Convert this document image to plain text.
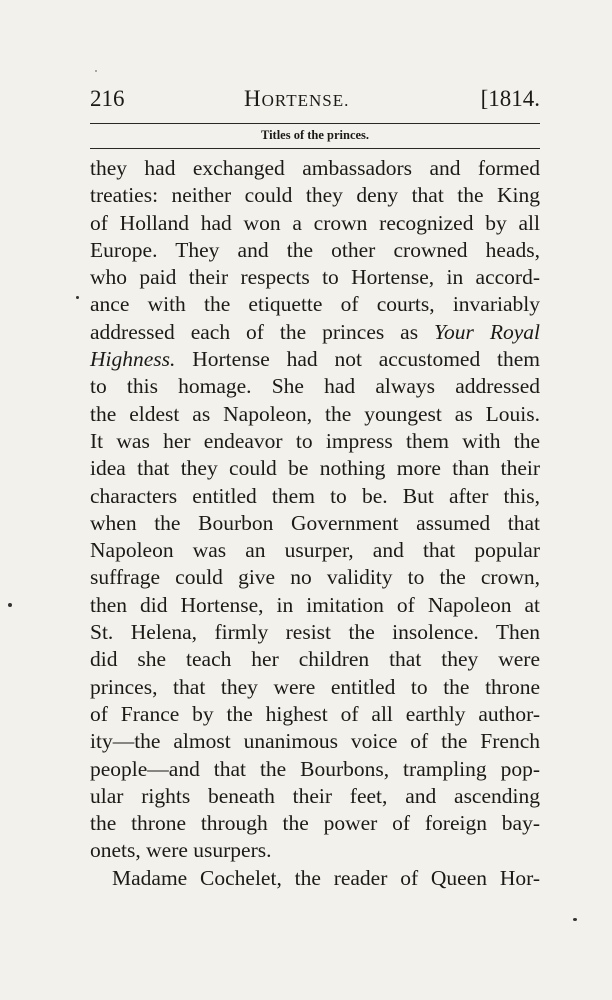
216	HORTENSE.	[1814.
Titles of the princes.
they had exchanged ambassadors and formed
treaties: neither could they deny that the King
of Holland had won a crown recognized by all
Europe. They and the other crowned heads,
who paid their respects to Hortense, in accord-
ance with the etiquette of courts, invariably
addressed each of the princes as Your Royal
Highness. Hortense had not accustomed them
to this homage. She had always addressed
the eldest as Napoleon, the youngest as Louis.
It was her endeavor to impress them with the
idea that they could be nothing more than their
characters entitled them to be. But after this,
when the Bourbon Government assumed that
Napoleon was an usurper, and that popular
suffrage could give no validity to the crown,
then did Hortense, in imitation of Napoleon at
St. Helena, firmly resist the insolence. Then
did she teach her children that they were
princes, that they were entitled to the throne
of France by the highest of all earthly author-
ity—the almost unanimous voice of the French
people—and that the Bourbons, trampling pop-
ular rights beneath their feet, and ascending
the throne through the power of foreign bay-
onets, were usurpers.
Madame Cochelet, the reader of Queen Hor-
